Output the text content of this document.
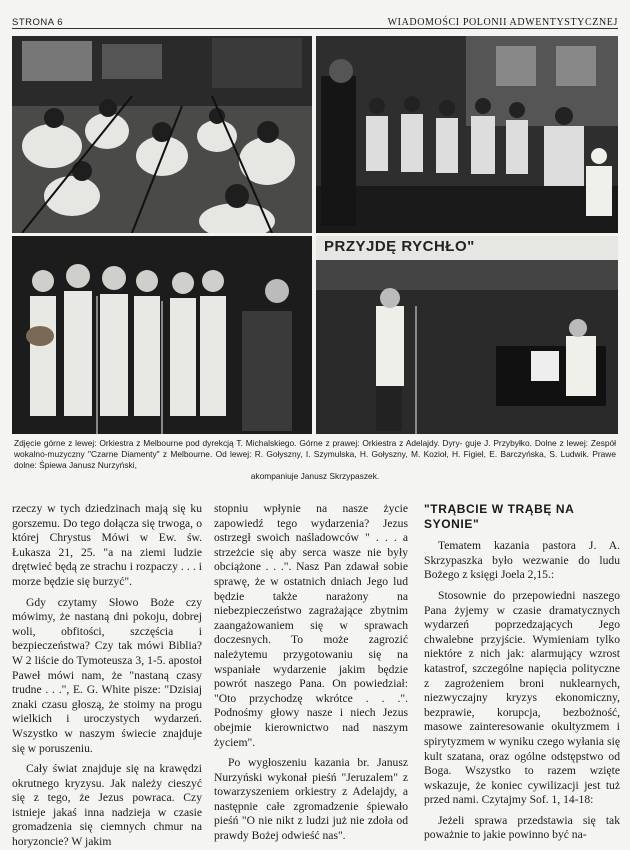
STRONA 6	WIADOMOŚCI POLONII ADWENTYSTYCZNEJ
PRZYJDĘ RYCHŁO"
Zdjęcie górne z lewej: Orkiestra z Melbourne pod dyrekcją T. Michalskiego. Górne z prawej: Orkiestra z Adelajdy. Dyry- guje J. Przybyłko. Dolne z lewej: Zespół wokalno-muzyczny "Czarne Diamenty" z Melbourne. Od lewej: R. Gołyszny, I. Szymulska, H. Gołyszny, M. Kozioł, H. Figiel, E. Barczyńska, S. Ludwik. Prawe dolne: Śpiewa Janusz Nurzyński,
akompaniuje Janusz Skrzypaszek.

rzeczy w tych dziedzinach mają się ku gorszemu. Do tego dołącza się trwoga, o której Chrystus Mówi w Ew. św. Łukasza 21, 25. "a na ziemi ludzie drętwieć będą ze strachu i rozpaczy . . . i morze będzie się burzyć".

Gdy czytamy Słowo Boże czy mówimy, że nastaną dni pokoju, dobrej woli, obfitości, szczęścia i bezpieczeństwa? Czy tak mówi Biblia? W 2 liście do Tymoteusza 3, 1-5. apostoł Paweł mówi nam, że "nastaną czasy trudne . . .", E. G. White pisze: "Dzisiaj znaki czasu głoszą, że stoimy na progu wielkich i uroczystych wydarzeń. Wszystko w naszym świecie znajduje się w poruszeniu.

Cały świat znajduje się na krawędzi okrutnego kryzysu. Jak należy cieszyć się z tego, że Jezus powraca. Czy istnieje jakaś inna nadzieja w czasie gromadzenia się ciemnych chmur na horyzoncie? W jakim

stopniu wpłynie na nasze życie zapowiedź tego wydarzenia? Jezus ostrzegł swoich naśladowców " . . . a strzeżcie się aby serca wasze nie były obciążone . . .". Nasz Pan zdawał sobie sprawę, że w ostatnich dniach Jego lud będzie także narażony na niebezpieczeństwo zagrażające zbytnim zaangażowaniem się w sprawach doczesnych. To może zagrozić należytemu przygotowaniu się na wspaniałe wydarzenie jakim będzie powrót naszego Pana. On powiedział: "Oto przychodzę wkrótce . . .". Podnośmy głowy nasze i niech Jezus obejmie kierownictwo nad naszym życiem".

Po wygłoszeniu kazania br. Janusz Nurzyński wykonał pieśń "Jeruzalem" z towarzyszeniem orkiestry z Adelajdy, a następnie całe zgromadzenie śpiewało pieśń "O nie nikt z ludzi już nie zdoła od prawdy Bożej odwieść nas".

"TRĄBCIE W TRĄBĘ NA SYONIE"

Tematem kazania pastora J. A. Skrzypaszka było wezwanie do ludu Bożego z księgi Joela 2,15.:

Stosownie do przepowiedni naszego Pana żyjemy w czasie dramatycznych wydarzeń poprzedzających Jego chwalebne przyjście. Wymieniam tylko niektóre z nich jak: alarmujący wzrost katastrof, szczególne napięcia polityczne z zagrożeniem broni nuklearnych, niezwyczajny kryzys ekonomiczny, bezprawie, korupcja, bezbożność, masowe zainteresowanie okultyzmem i spirytyzmem w wyniku czego wyłania się kult szatana, oraz ogólne odstępstwo od Boga. Wszystko to razem wzięte wskazuje, że koniec cywilizacji jest tuż przed nami. Czytajmy Sof. 1, 14-18:

Jeżeli sprawa przedstawia się tak poważnie to jakie powinno być na-
